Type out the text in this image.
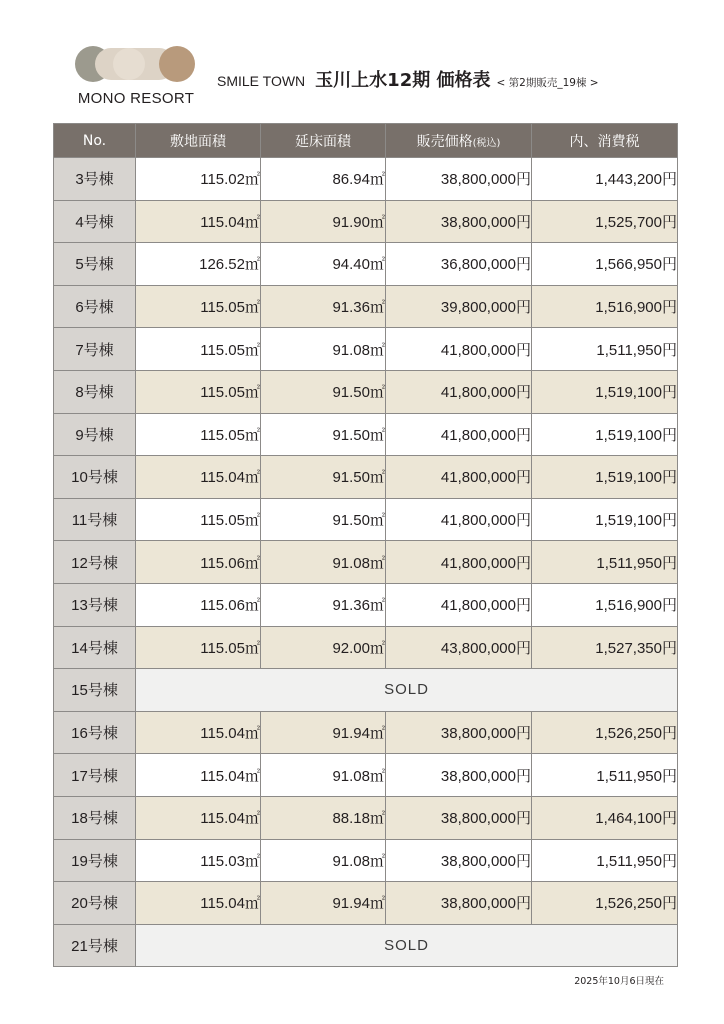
MONO RESORT
SMILE TOWN 玉川上水12期 価格表 < 第2期販売_19棟 >
No.	敷地面積	延床面積	販売価格(税込)	内、消費税
3号棟	115.02㎡	86.94㎡	38,800,000円	1,443,200円
4号棟	115.04㎡	91.90㎡	38,800,000円	1,525,700円
5号棟	126.52㎡	94.40㎡	36,800,000円	1,566,950円
6号棟	115.05㎡	91.36㎡	39,800,000円	1,516,900円
7号棟	115.05㎡	91.08㎡	41,800,000円	1,511,950円
8号棟	115.05㎡	91.50㎡	41,800,000円	1,519,100円
9号棟	115.05㎡	91.50㎡	41,800,000円	1,519,100円
10号棟	115.04㎡	91.50㎡	41,800,000円	1,519,100円
11号棟	115.05㎡	91.50㎡	41,800,000円	1,519,100円
12号棟	115.06㎡	91.08㎡	41,800,000円	1,511,950円
13号棟	115.06㎡	91.36㎡	41,800,000円	1,516,900円
14号棟	115.05㎡	92.00㎡	43,800,000円	1,527,350円
15号棟	SOLD			
16号棟	115.04㎡	91.94㎡	38,800,000円	1,526,250円
17号棟	115.04㎡	91.08㎡	38,800,000円	1,511,950円
18号棟	115.04㎡	88.18㎡	38,800,000円	1,464,100円
19号棟	115.03㎡	91.08㎡	38,800,000円	1,511,950円
20号棟	115.04㎡	91.94㎡	38,800,000円	1,526,250円
21号棟	SOLD			
2025年10月6日現在
